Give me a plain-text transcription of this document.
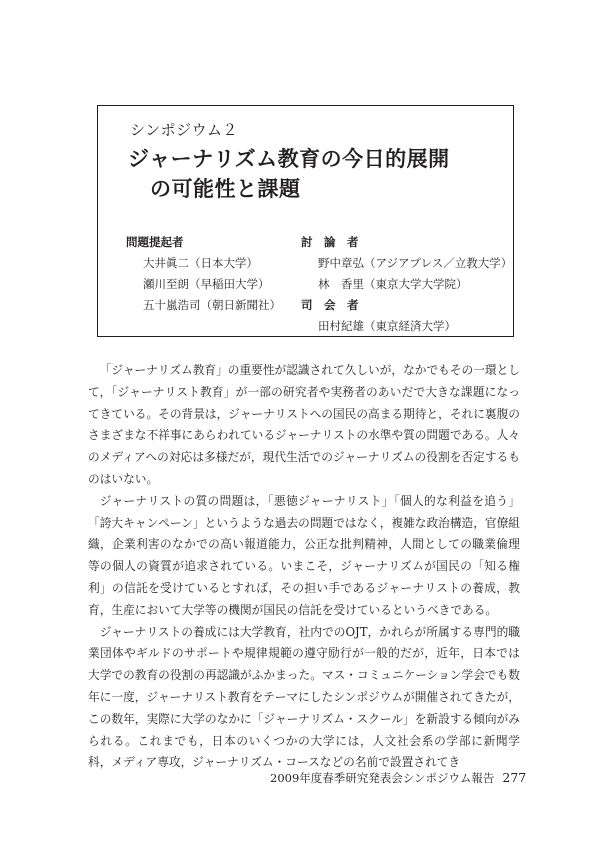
シンポジウム２
ジャーナリズム教育の今日的展開
の可能性と課題
問題提起者
大井眞二（日本大学）
瀬川至朗（早稲田大学）
五十嵐浩司（朝日新聞社）
討　論　者
野中章弘（アジアプレス／立教大学）
林　香里（東京大学大学院）
司　会　者
田村紀雄（東京経済大学）

「ジャーナリズム教育」の重要性が認識されて久しいが，なかでもその一環として，「ジャーナリスト教育」が一部の研究者や実務者のあいだで大きな課題になってきている。その背景は，ジャーナリストへの国民の高まる期待と，それに裏腹のさまざまな不祥事にあらわれているジャーナリストの水準や質の問題である。人々のメディアへの対応は多様だが，現代生活でのジャーナリズムの役割を否定するものはいない。

ジャーナリストの質の問題は，「悪徳ジャーナリスト」「個人的な利益を追う」「誇大キャンペーン」というような過去の問題ではなく，複雑な政治構造，官僚組織，企業利害のなかでの高い報道能力，公正な批判精神，人間としての職業倫理等の個人の資質が追求されている。いまこそ，ジャーナリズムが国民の「知る権利」の信託を受けているとすれば，その担い手であるジャーナリストの養成，教育，生産において大学等の機関が国民の信託を受けているというべきである。

ジャーナリストの養成には大学教育，社内でのOJT，かれらが所属する専門的職業団体やギルドのサポートや規律規範の遵守励行が一般的だが，近年，日本では大学での教育の役割の再認識がふかまった。マス・コミュニケーション学会でも数年に一度，ジャーナリスト教育をテーマにしたシンポジウムが開催されてきたが，この数年，実際に大学のなかに「ジャーナリズム・スクール」を新設する傾向がみられる。これまでも，日本のいくつかの大学には，人文社会系の学部に新聞学科，メディア専攻，ジャーナリズム・コースなどの名前で設置されてき

2009年度春季研究発表会シンポジウム報告 277
